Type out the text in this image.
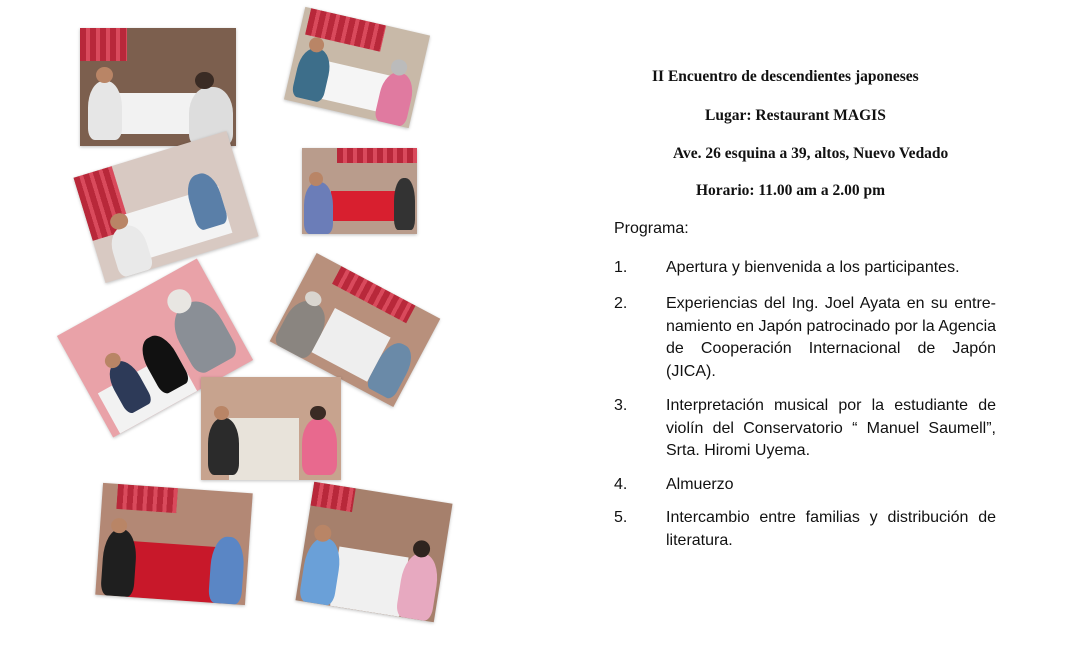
II Encuentro de descendientes japoneses
Lugar: Restaurant MAGIS
Ave. 26 esquina a 39, altos, Nuevo Vedado
Horario: 11.00 am a 2.00 pm
Programa:
1. Apertura y bienvenida a los participantes.
2. Experiencias del Ing. Joel Ayata en su entre-namiento en Japón patrocinado por la Agencia de Cooperación Internacional de Japón (JICA).
3. Interpretación musical por la estudiante de violín del Conservatorio “ Manuel Saumell”, Srta. Hiromi Uyema.
4. Almuerzo
5. Intercambio entre familias y distribución de literatura.
